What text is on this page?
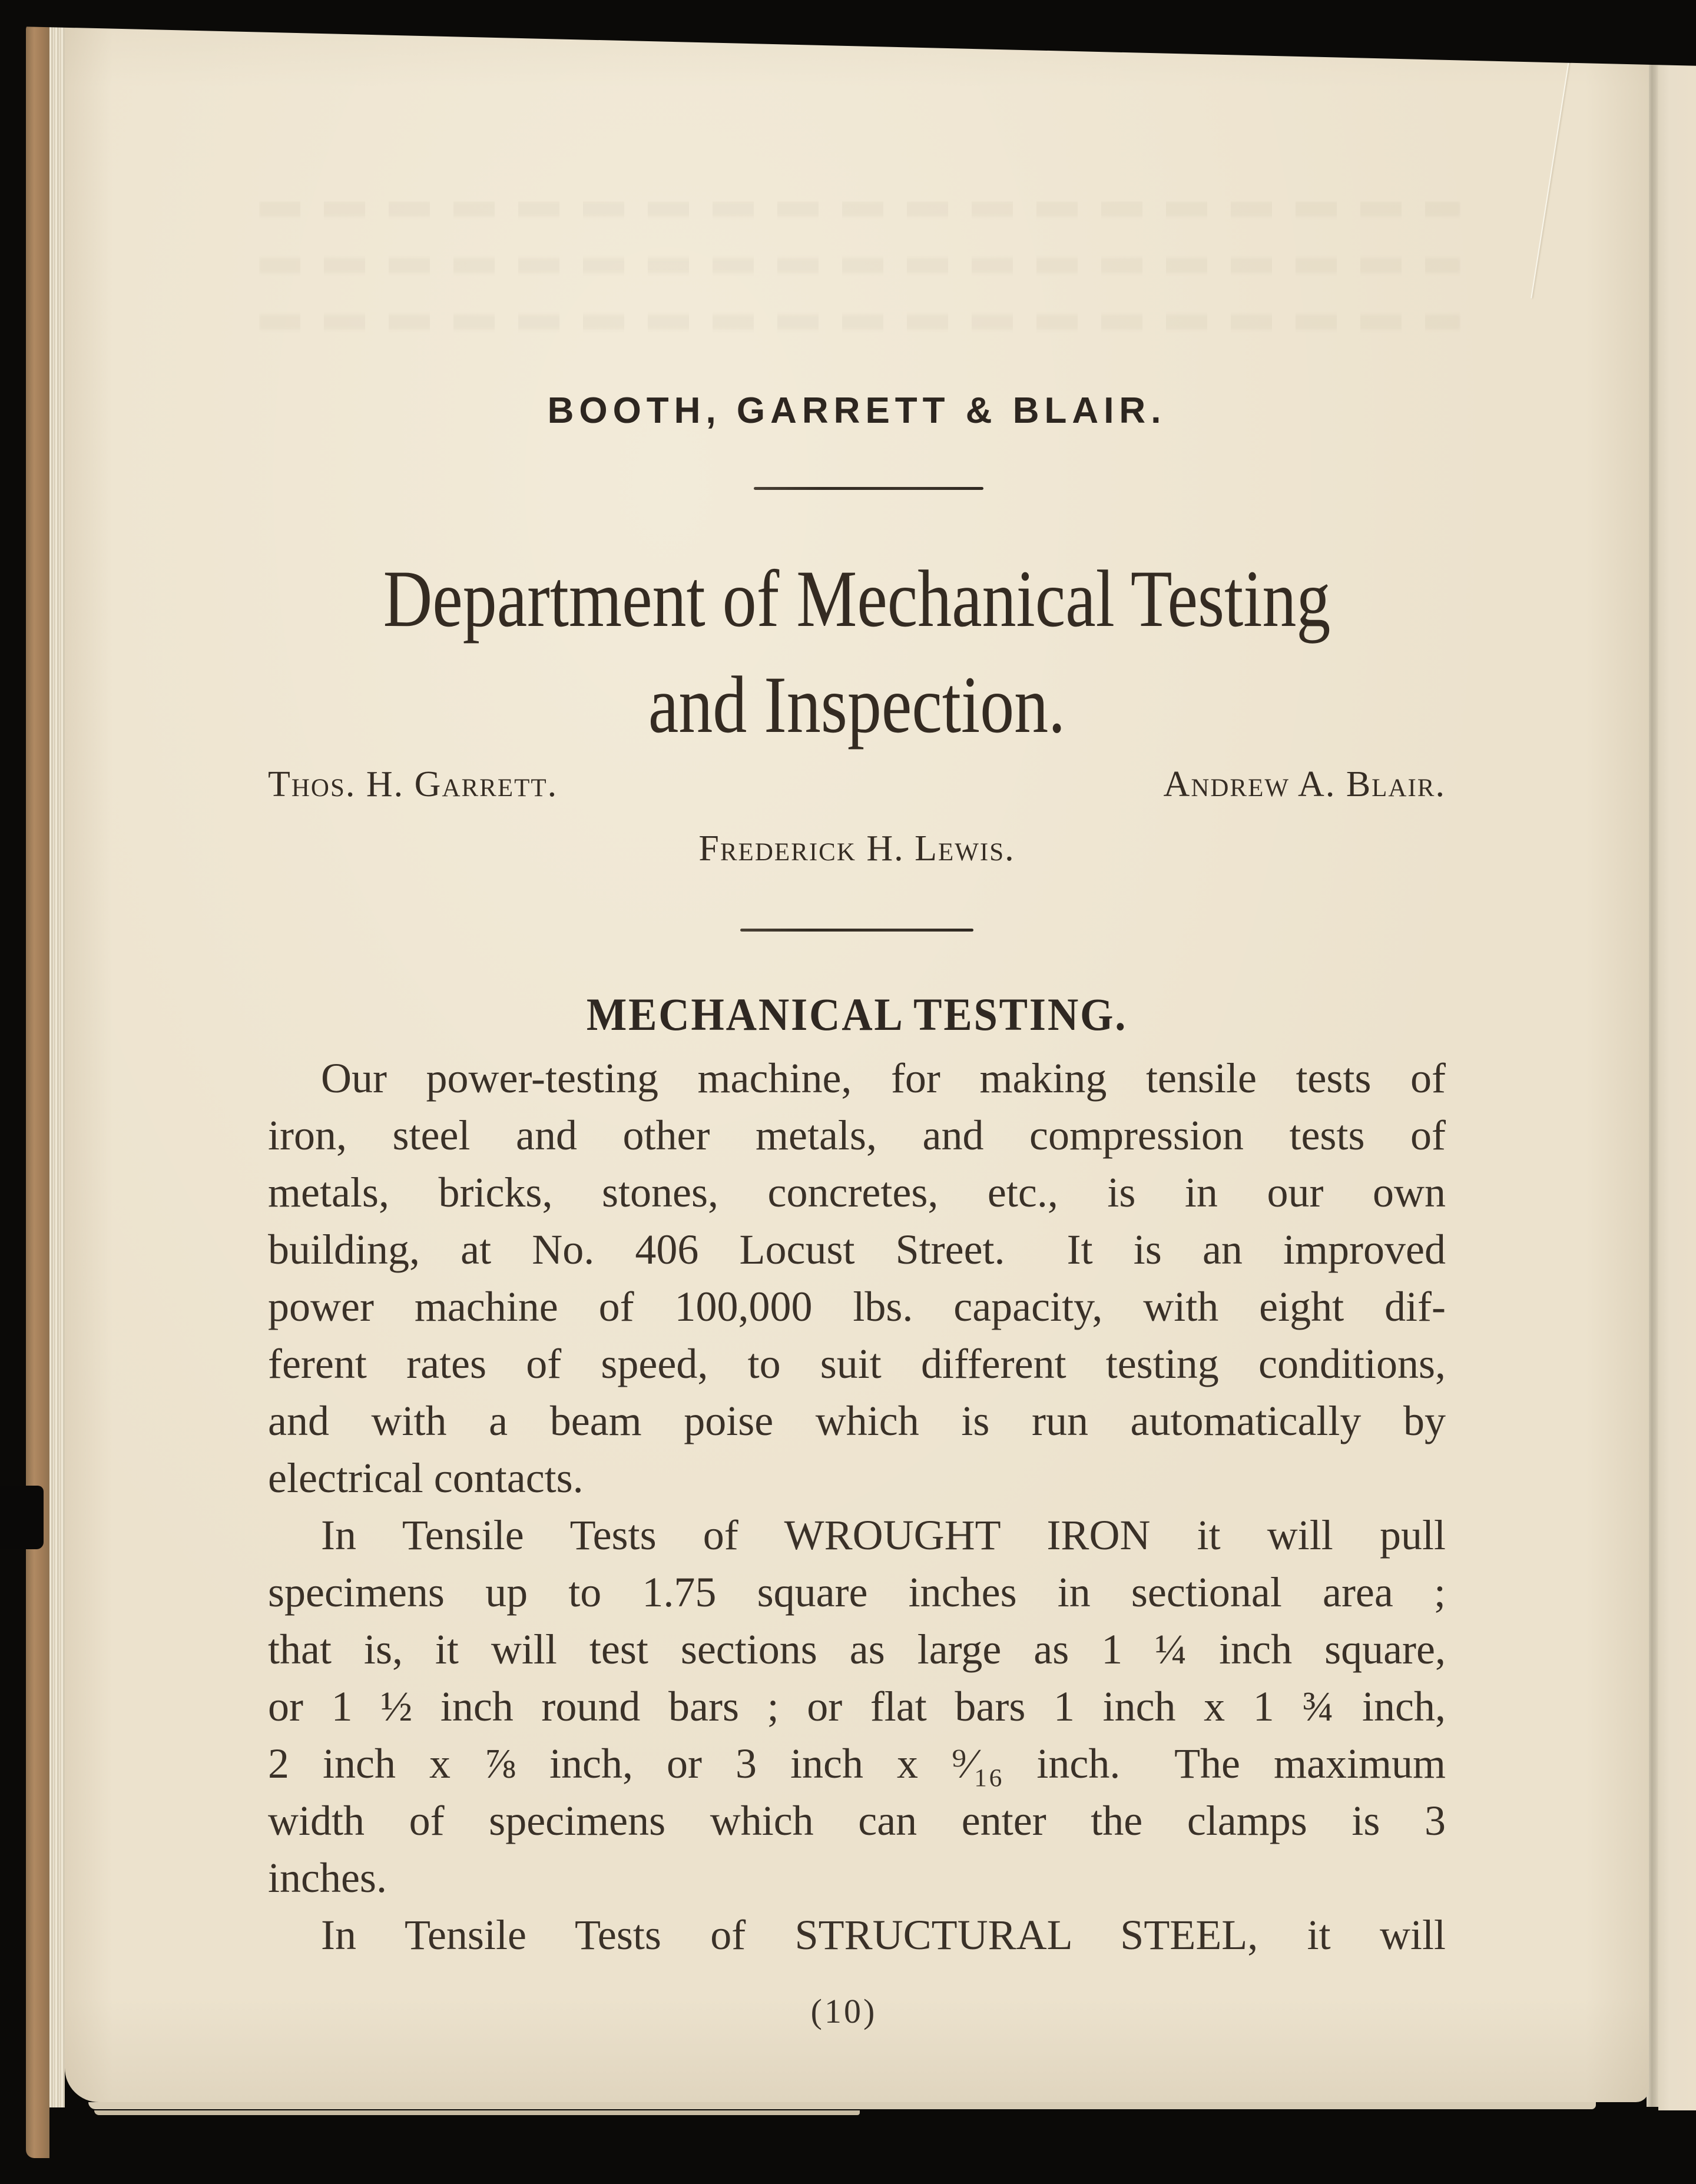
BOOTH, GARRETT & BLAIR.
Department of Mechanical Testing
and Inspection.
Thos. H. Garrett.	Andrew A. Blair.
Frederick H. Lewis.
MECHANICAL TESTING.
Our power-testing machine, for making tensile tests of
iron, steel and other metals, and compression tests of
metals, bricks, stones, concretes, etc., is in our own
building, at No. 406 Locust Street.  It is an improved
power machine of 100,000 lbs. capacity, with eight dif-
ferent rates of speed, to suit different testing conditions,
and with a beam poise which is run automatically by
electrical contacts.
In Tensile Tests of WROUGHT IRON it will pull
specimens up to 1.75 square inches in sectional area ;
that is, it will test sections as large as 1 ¼ inch square,
or 1 ½ inch round bars ; or flat bars 1 inch x 1 ¾ inch,
2 inch x ⅞ inch, or 3 inch x ⁹⁄₁₆ inch.  The maximum
width of specimens which can enter the clamps is 3
inches.
In Tensile Tests of STRUCTURAL STEEL, it will
(10)
